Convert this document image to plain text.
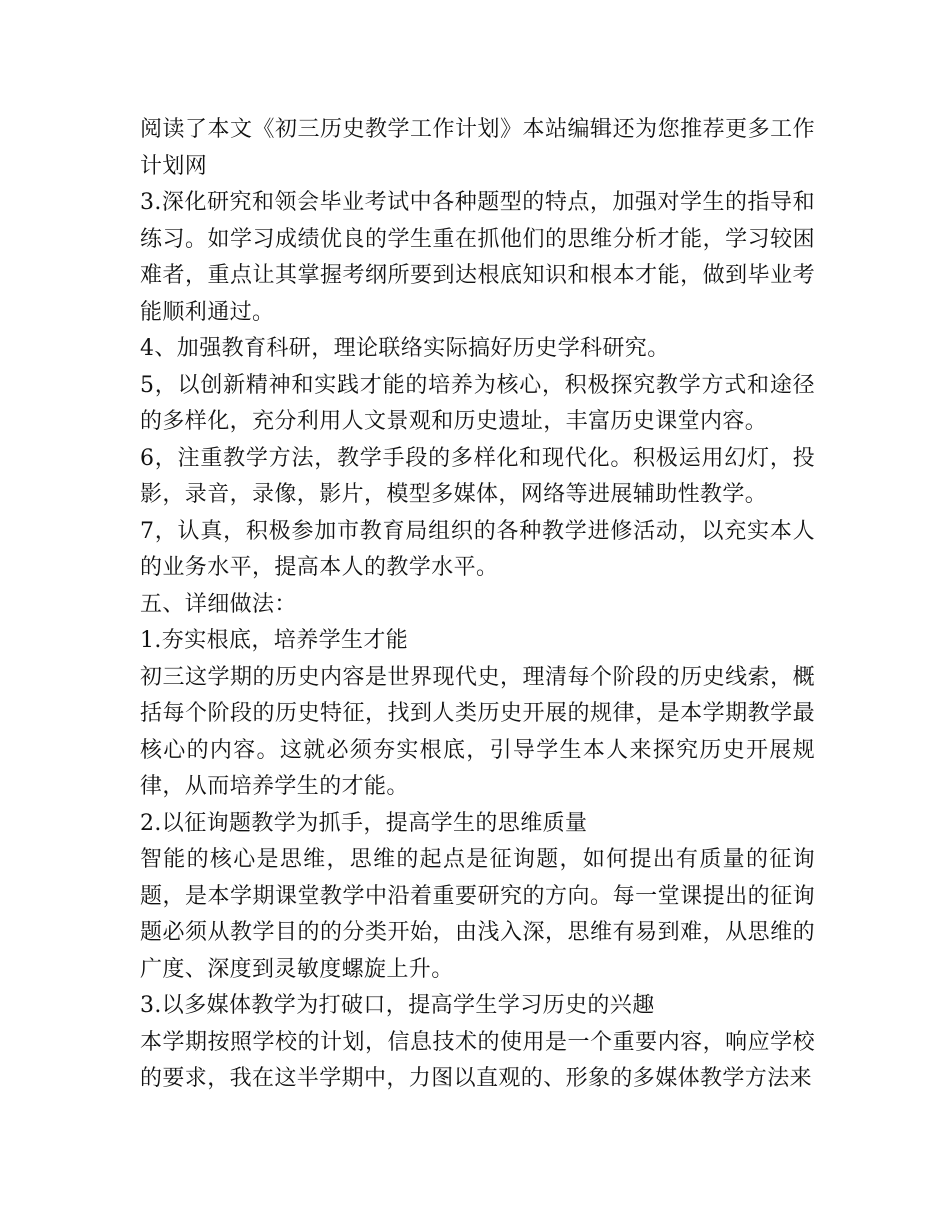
阅读了本文《初三历史教学工作计划》本站编辑还为您推荐更多工作计划网

3.深化研究和领会毕业考试中各种题型的特点，加强对学生的指导和练习。如学习成绩优良的学生重在抓他们的思维分析才能，学习较困难者，重点让其掌握考纲所要到达根底知识和根本才能，做到毕业考能顺利通过。

4、加强教育科研，理论联络实际搞好历史学科研究。

5，以创新精神和实践才能的培养为核心，积极探究教学方式和途径的多样化，充分利用人文景观和历史遗址，丰富历史课堂内容。

6，注重教学方法，教学手段的多样化和现代化。积极运用幻灯，投影，录音，录像，影片，模型多媒体，网络等进展辅助性教学。

7，认真，积极参加市教育局组织的各种教学进修活动，以充实本人的业务水平，提高本人的教学水平。

五、详细做法：

1.夯实根底，培养学生才能

初三这学期的历史内容是世界现代史，理清每个阶段的历史线索，概括每个阶段的历史特征，找到人类历史开展的规律，是本学期教学最核心的内容。这就必须夯实根底，引导学生本人来探究历史开展规律，从而培养学生的才能。

2.以征询题教学为抓手，提高学生的思维质量

智能的核心是思维，思维的起点是征询题，如何提出有质量的征询题，是本学期课堂教学中沿着重要研究的方向。每一堂课提出的征询题必须从教学目的的分类开始，由浅入深，思维有易到难，从思维的广度、深度到灵敏度螺旋上升。

3.以多媒体教学为打破口，提高学生学习历史的兴趣

本学期按照学校的计划，信息技术的使用是一个重要内容，响应学校的要求，我在这半学期中，力图以直观的、形象的多媒体教学方法来
